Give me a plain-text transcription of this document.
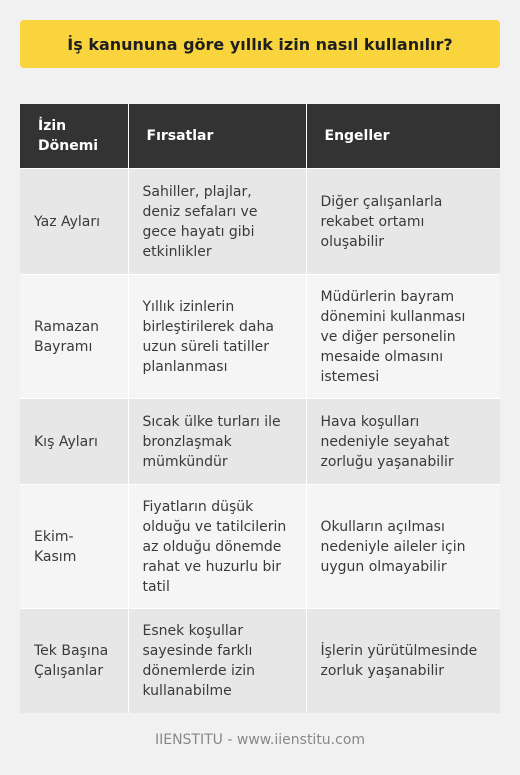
İş kanununa göre yıllık izin nasıl kullanılır?
İzin Dönemi	Fırsatlar	Engeller
Yaz Ayları	Sahiller, plajlar, deniz sefaları ve gece hayatı gibi etkinlikler	Diğer çalışanlarla rekabet ortamı oluşabilir
Ramazan Bayramı	Yıllık izinlerin birleştirilerek daha uzun süreli tatiller planlanması	Müdürlerin bayram dönemini kullanması ve diğer personelin mesaide olmasını istemesi
Kış Ayları	Sıcak ülke turları ile bronzlaşmak mümkündür	Hava koşulları nedeniyle seyahat zorluğu yaşanabilir
Ekim-Kasım	Fiyatların düşük olduğu ve tatilcilerin az olduğu dönemde rahat ve huzurlu bir tatil	Okulların açılması nedeniyle aileler için uygun olmayabilir
Tek Başına Çalışanlar	Esnek koşullar sayesinde farklı dönemlerde izin kullanabilme	İşlerin yürütülmesinde zorluk yaşanabilir
IIENSTITU - www.iienstitu.com
